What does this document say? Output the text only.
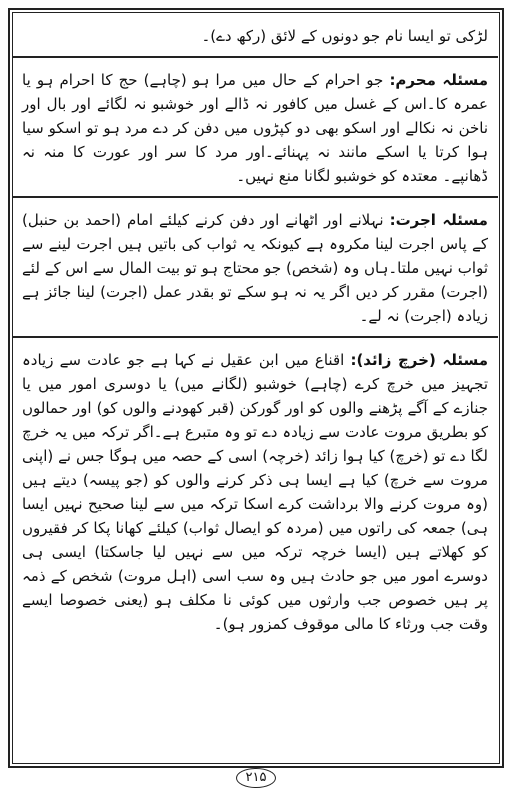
لڑکی تو ایسا نام جو دونوں کے لائق (رکھ دے)۔

مسئلہ محرم: جو احرام کے حال میں مرا ہو (چاہے) حج کا احرام ہو یا عمرہ کا۔اس کے غسل میں کافور نہ ڈالے اور خوشبو نہ لگائے اور بال اور ناخن نہ نکالے اور اسکو بھی دو کپڑوں میں دفن کر دے مرد ہو تو اسکو سیا ہوا کرتا یا اسکے مانند نہ پہنائے۔اور مرد کا سر اور عورت کا منہ نہ ڈھانپے۔ معتدہ کو خوشبو لگانا منع نہیں۔

مسئلہ اجرت: نہلانے اور اٹھانے اور دفن کرنے کیلئے امام (احمد بن حنبل) کے پاس اجرت لینا مکروہ ہے کیونکہ یہ ثواب کی باتیں ہیں اجرت لینے سے ثواب نہیں ملتا۔ہاں وہ (شخص) جو محتاج ہو تو بیت المال سے اس کے لئے (اجرت) مقرر کر دیں اگر یہ نہ ہو سکے تو بقدر عمل (اجرت) لینا جائز ہے زیادہ (اجرت) نہ لے۔

مسئلہ (خرچ زائد): اقناع میں ابن عقیل نے کہا ہے جو عادت سے زیادہ تجہیز میں خرچ کرے (چاہے) خوشبو (لگانے میں) یا دوسری امور میں یا جنازے کے آگے پڑھنے والوں کو اور گورکن (قبر کھودنے والوں کو) اور حمالوں کو بطریق مروت عادت سے زیادہ دے تو وہ متبرع ہے۔اگر ترکہ میں یہ خرچ لگا دے تو (خرچ) کیا ہوا زائد (خرچہ) اسی کے حصہ میں ہوگا جس نے (اپنی مروت سے خرچ) کیا ہے ایسا ہی ذکر کرنے والوں کو (جو پیسہ) دیتے ہیں (وہ مروت کرنے والا برداشت کرے اسکا ترکہ میں سے لینا صحیح نہیں ایسا ہی) جمعہ کی راتوں میں (مردہ کو ایصال ثواب) کیلئے کھانا پکا کر فقیروں کو کھلاتے ہیں (ایسا خرچہ ترکہ میں سے نہیں لیا جاسکتا) ایسی ہی دوسرے امور میں جو حادث ہیں وہ سب اسی (اہل مروت) شخص کے ذمہ پر ہیں خصوص جب وارثوں میں کوئی نا مکلف ہو (یعنی خصوصا ایسے وقت جب ورثاء کا مالی موقوف کمزور ہو)۔

۲۱۵
